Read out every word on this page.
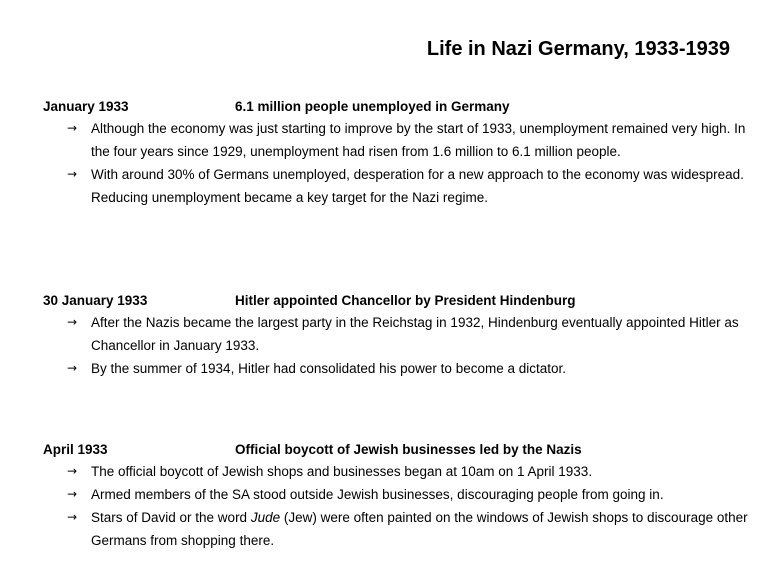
Life in Nazi Germany, 1933-1939
January 1933	6.1 million people unemployed in Germany
→ Although the economy was just starting to improve by the start of 1933, unemployment remained very high. In the four years since 1929, unemployment had risen from 1.6 million to 6.1 million people.
→ With around 30% of Germans unemployed, desperation for a new approach to the economy was widespread. Reducing unemployment became a key target for the Nazi regime.
30 January 1933	Hitler appointed Chancellor by President Hindenburg
→ After the Nazis became the largest party in the Reichstag in 1932, Hindenburg eventually appointed Hitler as Chancellor in January 1933.
→ By the summer of 1934, Hitler had consolidated his power to become a dictator.
April 1933	Official boycott of Jewish businesses led by the Nazis
→ The official boycott of Jewish shops and businesses began at 10am on 1 April 1933.
→ Armed members of the SA stood outside Jewish businesses, discouraging people from going in.
→ Stars of David or the word Jude (Jew) were often painted on the windows of Jewish shops to discourage other Germans from shopping there.
